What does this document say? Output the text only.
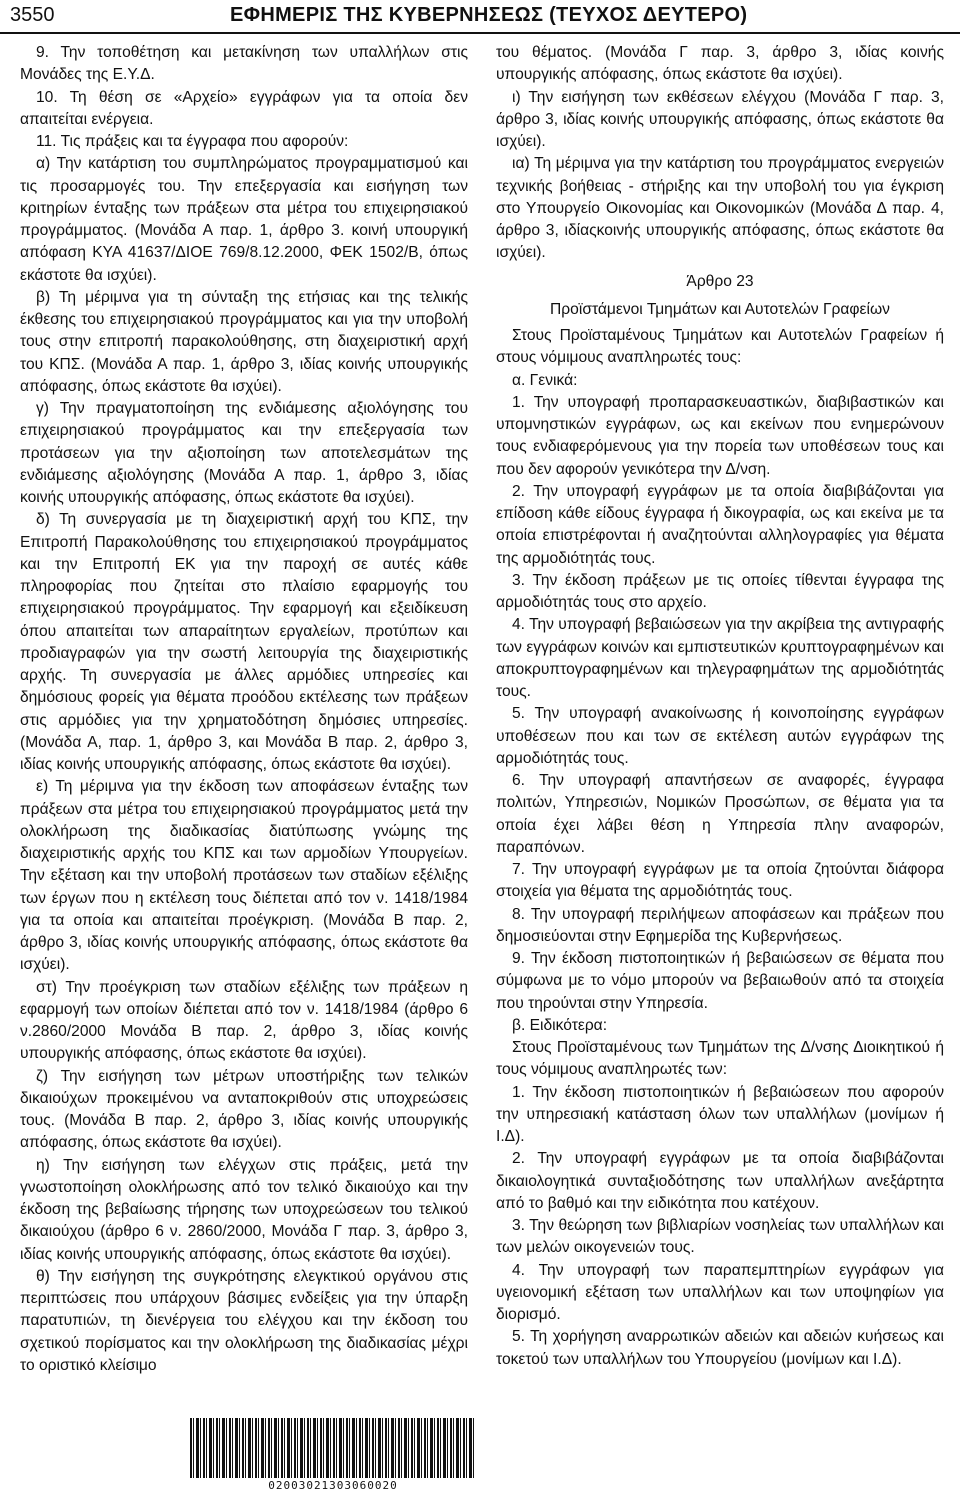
3550	ΕΦΗΜΕΡΙΣ ΤΗΣ ΚΥΒΕΡΝΗΣΕΩΣ (ΤΕΥΧΟΣ ΔΕΥΤΕΡΟ)

9. Την τοποθέτηση και μετακίνηση των υπαλλήλων στις Μονάδες της Ε.Υ.Δ.

10. Τη θέση σε «Αρχείο» εγγράφων για τα οποία δεν απαιτείται ενέργεια.

11. Τις πράξεις και τα έγγραφα που αφορούν:

α) Την κατάρτιση του συμπληρώματος προγραμματισμού και τις προσαρμογές του. Την επεξεργασία και εισήγηση των κριτηρίων ένταξης των πράξεων στα μέτρα του επιχειρησιακού προγράμματος. (Μονάδα Α παρ. 1, άρθρο 3. κοινή υπουργική απόφαση ΚΥΑ 41637/ΔΙΟΕ 769/8.12.2000, ΦΕΚ 1502/Β, όπως εκάστοτε θα ισχύει).

β) Τη μέριμνα για τη σύνταξη της ετήσιας και της τελικής έκθεσης του επιχειρησιακού προγράμματος και για την υποβολή τους στην επιτροπή παρακολούθησης, στη διαχειριστική αρχή του ΚΠΣ. (Μονάδα Α παρ. 1, άρθρο 3, ιδίας κοινής υπουργικής απόφασης, όπως εκάστοτε θα ισχύει).

γ) Την πραγματοποίηση της ενδιάμεσης αξιολόγησης του επιχειρησιακού προγράμματος και την επεξεργασία των προτάσεων για την αξιοποίηση των αποτελεσμάτων της ενδιάμεσης αξιολόγησης (Μονάδα Α παρ. 1, άρθρο 3, ιδίας κοινής υπουργικής απόφασης, όπως εκάστοτε θα ισχύει).

δ) Τη συνεργασία με τη διαχειριστική αρχή του ΚΠΣ, την Επιτροπή Παρακολούθησης του επιχειρησιακού προγράμματος και την Επιτροπή ΕΚ για την παροχή σε αυτές κάθε πληροφορίας που ζητείται στο πλαίσιο εφαρμογής του επιχειρησιακού προγράμματος. Την εφαρμογή και εξειδίκευση όπου απαιτείται των απαραίτητων εργαλείων, προτύπων και προδιαγραφών για την σωστή λειτουργία της διαχειριστικής αρχής. Τη συνεργασία με άλλες αρμόδιες υπηρεσίες και δημόσιους φορείς για θέματα προόδου εκτέλεσης των πράξεων στις αρμόδιες για την χρηματοδότηση δημόσιες υπηρεσίες. (Μονάδα Α, παρ. 1, άρθρο 3, και Μονάδα Β παρ. 2, άρθρο 3, ιδίας κοινής υπουργικής απόφασης, όπως εκάστοτε θα ισχύει).

ε) Τη μέριμνα για την έκδοση των αποφάσεων ένταξης των πράξεων στα μέτρα του επιχειρησιακού προγράμματος μετά την ολοκλήρωση της διαδικασίας διατύπωσης γνώμης της διαχειριστικής αρχής του ΚΠΣ και των αρμοδίων Υπουργείων. Την εξέταση και την υποβολή προτάσεων των σταδίων εξέλιξης των έργων που η εκτέλεση τους διέπεται από τον ν. 1418/1984 για τα οποία και απαιτείται προέγκριση. (Μονάδα Β παρ. 2, άρθρο 3, ιδίας κοινής υπουργικής απόφασης, όπως εκάστοτε θα ισχύει).

στ) Την προέγκριση των σταδίων εξέλιξης των πράξεων η εφαρμογή των οποίων διέπεται από τον ν. 1418/1984 (άρθρο 6 ν.2860/2000 Μονάδα Β παρ. 2, άρθρο 3, ιδίας κοινής υπουργικής απόφασης, όπως εκάστοτε θα ισχύει).

ζ) Την εισήγηση των μέτρων υποστήριξης των τελικών δικαιούχων προκειμένου να ανταποκριθούν στις υποχρεώσεις τους. (Μονάδα Β παρ. 2, άρθρο 3, ιδίας κοινής υπουργικής απόφασης, όπως εκάστοτε θα ισχύει).

η) Την εισήγηση των ελέγχων στις πράξεις, μετά την γνωστοποίηση ολοκλήρωσης από τον τελικό δικαιούχο και την έκδοση της βεβαίωσης τήρησης των υποχρεώσεων του τελικού δικαιούχου (άρθρο 6 ν. 2860/2000, Μονάδα Γ παρ. 3, άρθρο 3, ιδίας κοινής υπουργικής απόφασης, όπως εκάστοτε θα ισχύει).

θ) Την εισήγηση της συγκρότησης ελεγκτικού οργάνου στις περιπτώσεις που υπάρχουν βάσιμες ενδείξεις για την ύπαρξη παρατυπιών, τη διενέργεια του ελέγχου και την έκδοση του σχετικού πορίσματος και την ολοκλήρωση της διαδικασίας μέχρι το οριστικό κλείσιμο

του θέματος. (Μονάδα Γ παρ. 3, άρθρο 3, ιδίας κοινής υπουργικής απόφασης, όπως εκάστοτε θα ισχύει).

ι) Την εισήγηση των εκθέσεων ελέγχου (Μονάδα Γ παρ. 3, άρθρο 3, ιδίας κοινής υπουργικής απόφασης, όπως εκάστοτε θα ισχύει).

ια) Τη μέριμνα για την κατάρτιση του προγράμματος ενεργειών τεχνικής βοήθειας - στήριξης και την υποβολή του για έγκριση στο Υπουργείο Οικονομίας και Οικονομικών (Μονάδα Δ παρ. 4, άρθρο 3, ιδίαςκοινής υπουργικής απόφασης, όπως εκάστοτε θα ισχύει).

Άρθρο 23

Προϊστάμενοι Τμημάτων και Αυτοτελών Γραφείων

Στους Προϊσταμένους Τμημάτων και Αυτοτελών Γραφείων ή στους νόμιμους αναπληρωτές τους:

α. Γενικά:

1. Την υπογραφή προπαρασκευαστικών, διαβιβαστικών και υπομνηστικών εγγράφων, ως και εκείνων που ενημερώνουν τους ενδιαφερόμενους για την πορεία των υποθέσεων τους και που δεν αφορούν γενικότερα την Δ/νση.

2. Την υπογραφή εγγράφων με τα οποία διαβιβάζονται για επίδοση κάθε είδους έγγραφα ή δικογραφία, ως και εκείνα με τα οποία επιστρέφονται ή αναζητούνται αλληλογραφίες για θέματα της αρμοδιότητάς τους.

3. Την έκδοση πράξεων με τις οποίες τίθενται έγγραφα της αρμοδιότητάς τους στο αρχείο.

4. Την υπογραφή βεβαιώσεων για την ακρίβεια της αντιγραφής των εγγράφων κοινών και εμπιστευτικών κρυπτογραφημένων και αποκρυπτογραφημένων και τηλεγραφημάτων της αρμοδιότητάς τους.

5. Την υπογραφή ανακοίνωσης ή κοινοποίησης εγγράφων υποθέσεων που και των σε εκτέλεση αυτών εγγράφων της αρμοδιότητάς τους.

6. Την υπογραφή απαντήσεων σε αναφορές, έγγραφα πολιτών, Υπηρεσιών, Νομικών Προσώπων, σε θέματα για τα οποία έχει λάβει θέση η Υπηρεσία πλην αναφορών, παραπόνων.

7. Την υπογραφή εγγράφων με τα οποία ζητούνται διάφορα στοιχεία για θέματα της αρμοδιότητάς τους.

8. Την υπογραφή περιλήψεων αποφάσεων και πράξεων που δημοσιεύονται στην Εφημερίδα της Κυβερνήσεως.

9. Την έκδοση πιστοποιητικών ή βεβαιώσεων σε θέματα που σύμφωνα με το νόμο μπορούν να βεβαιωθούν από τα στοιχεία που τηρούνται στην Υπηρεσία.

β. Ειδικότερα:

Στους Προϊσταμένους των Τμημάτων της Δ/νσης Διοικητικού ή τους νόμιμους αναπληρωτές των:

1. Την έκδοση πιστοποιητικών ή βεβαιώσεων που αφορούν την υπηρεσιακή κατάσταση όλων των υπαλλήλων (μονίμων ή Ι.Δ).

2. Την υπογραφή εγγράφων με τα οποία διαβιβάζονται δικαιολογητικά συνταξιοδότησης των υπαλλήλων ανεξάρτητα από το βαθμό και την ειδικότητα που κατέχουν.

3. Την θεώρηση των βιβλιαρίων νοσηλείας των υπαλλήλων και των μελών οικογενειών τους.

4. Την υπογραφή των παραπεμπτηρίων εγγράφων για υγειονομική εξέταση των υπαλλήλων και των υποψηφίων για διορισμό.

5. Τη χορήγηση αναρρωτικών αδειών και αδειών κυήσεως και τοκετού των υπαλλήλων του Υπουργείου (μονίμων και Ι.Δ).

02003021303060020
